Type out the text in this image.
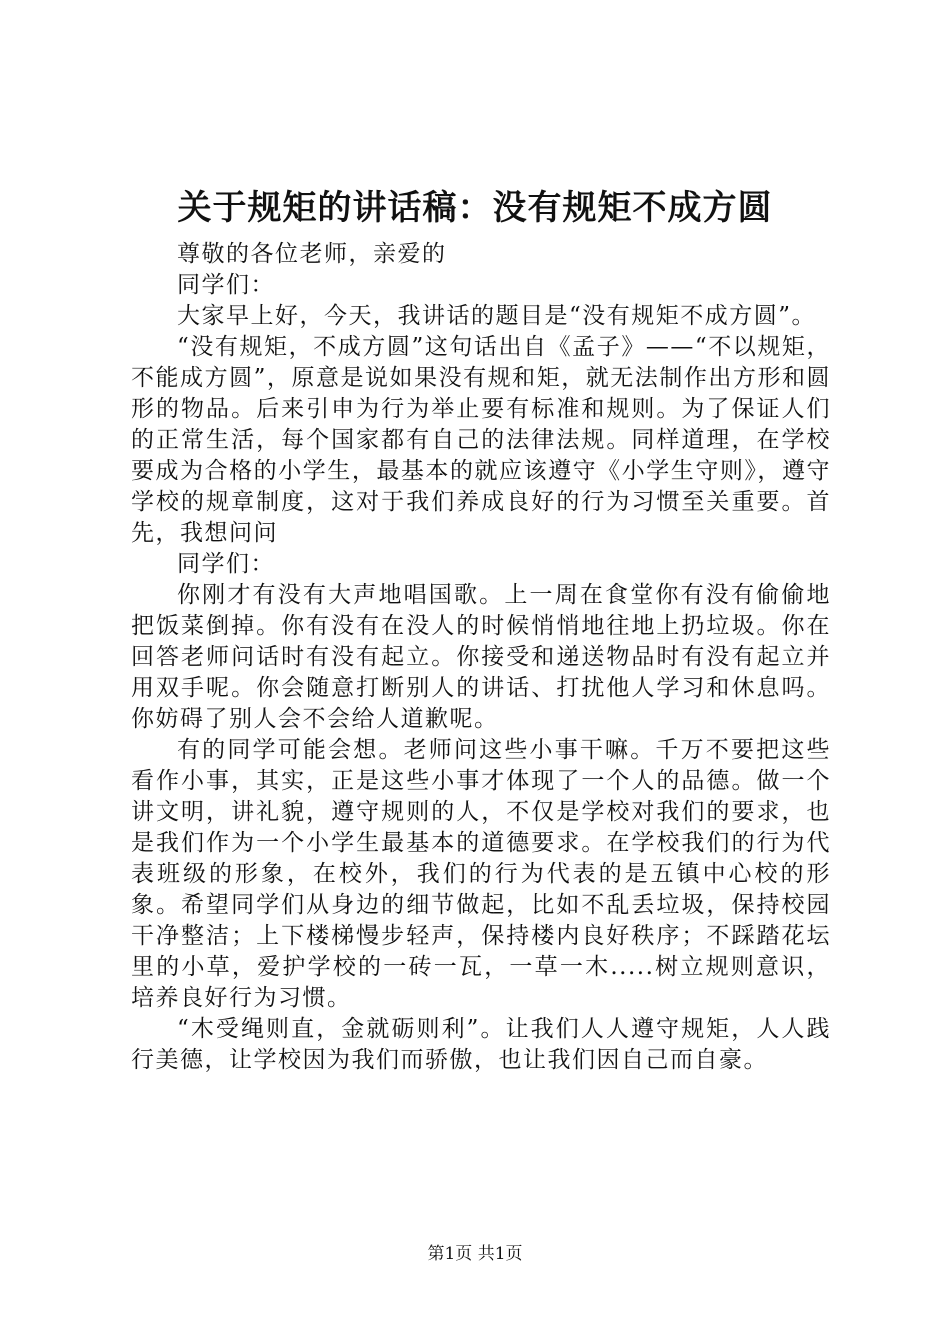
关于规矩的讲话稿：没有规矩不成方圆

尊敬的各位老师，亲爱的

同学们：

大家早上好，今天，我讲话的题目是“没有规矩不成方圆”。

“没有规矩，不成方圆”这句话出自《孟子》——“不以规矩，不能成方圆”，原意是说如果没有规和矩，就无法制作出方形和圆形的物品。后来引申为行为举止要有标准和规则。为了保证人们的正常生活，每个国家都有自己的法律法规。同样道理，在学校要成为合格的小学生，最基本的就应该遵守《小学生守则》，遵守学校的规章制度，这对于我们养成良好的行为习惯至关重要。首先，我想问问

同学们：

你刚才有没有大声地唱国歌。上一周在食堂你有没有偷偷地把饭菜倒掉。你有没有在没人的时候悄悄地往地上扔垃圾。你在回答老师问话时有没有起立。你接受和递送物品时有没有起立并用双手呢。你会随意打断别人的讲话、打扰他人学习和休息吗。你妨碍了别人会不会给人道歉呢。

有的同学可能会想。老师问这些小事干嘛。千万不要把这些看作小事，其实，正是这些小事才体现了一个人的品德。做一个讲文明，讲礼貌，遵守规则的人，不仅是学校对我们的要求，也是我们作为一个小学生最基本的道德要求。在学校我们的行为代表班级的形象，在校外，我们的行为代表的是五镇中心校的形象。希望同学们从身边的细节做起，比如不乱丢垃圾，保持校园干净整洁；上下楼梯慢步轻声，保持楼内良好秩序；不踩踏花坛里的小草，爱护学校的一砖一瓦，一草一木.....树立规则意识，培养良好行为习惯。

“木受绳则直，金就砺则利”。让我们人人遵守规矩，人人践行美德，让学校因为我们而骄傲，也让我们因自己而自豪。

第1页 共1页
